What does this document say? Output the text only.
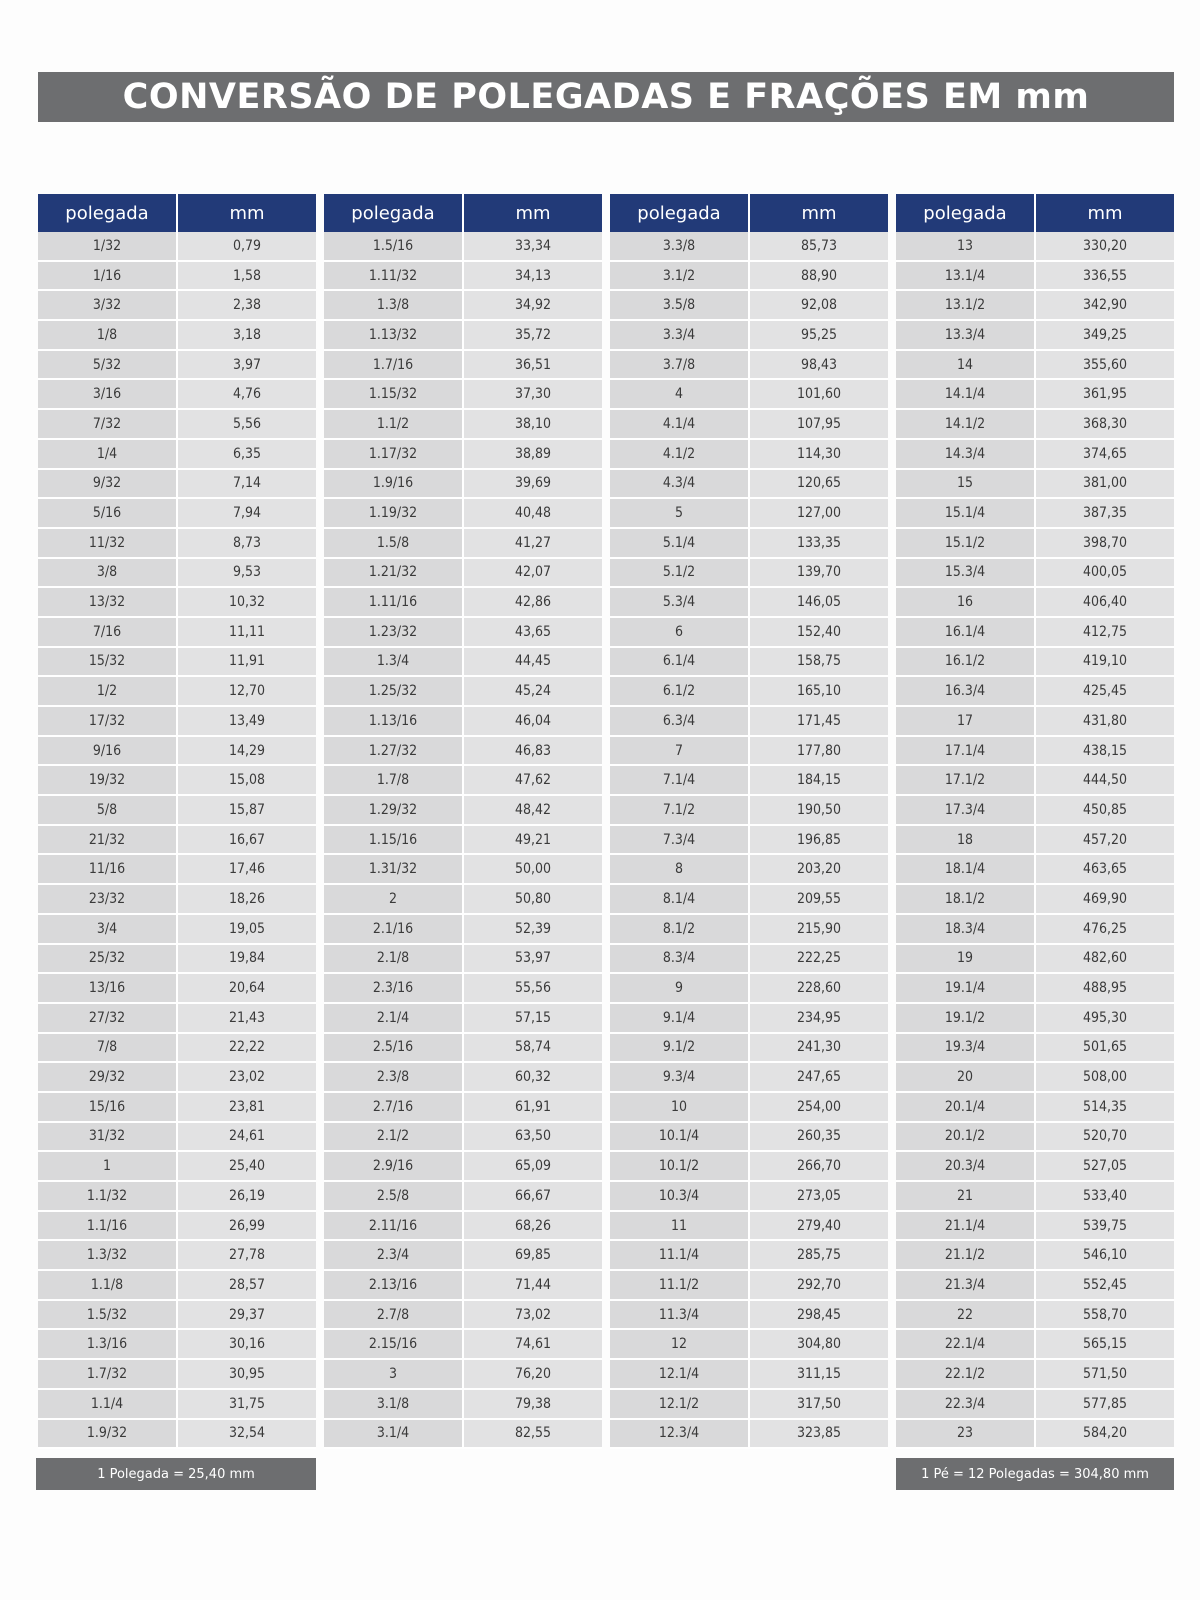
CONVERSÃO DE POLEGADAS E FRAÇÕES EM mm
polegada	mm
1/32	0,79
1/16	1,58
3/32	2,38
1/8	3,18
5/32	3,97
3/16	4,76
7/32	5,56
1/4	6,35
9/32	7,14
5/16	7,94
11/32	8,73
3/8	9,53
13/32	10,32
7/16	11,11
15/32	11,91
1/2	12,70
17/32	13,49
9/16	14,29
19/32	15,08
5/8	15,87
21/32	16,67
11/16	17,46
23/32	18,26
3/4	19,05
25/32	19,84
13/16	20,64
27/32	21,43
7/8	22,22
29/32	23,02
15/16	23,81
31/32	24,61
1	25,40
1.1/32	26,19
1.1/16	26,99
1.3/32	27,78
1.1/8	28,57
1.5/32	29,37
1.3/16	30,16
1.7/32	30,95
1.1/4	31,75
1.9/32	32,54
polegada	mm
1.5/16	33,34
1.11/32	34,13
1.3/8	34,92
1.13/32	35,72
1.7/16	36,51
1.15/32	37,30
1.1/2	38,10
1.17/32	38,89
1.9/16	39,69
1.19/32	40,48
1.5/8	41,27
1.21/32	42,07
1.11/16	42,86
1.23/32	43,65
1.3/4	44,45
1.25/32	45,24
1.13/16	46,04
1.27/32	46,83
1.7/8	47,62
1.29/32	48,42
1.15/16	49,21
1.31/32	50,00
2	50,80
2.1/16	52,39
2.1/8	53,97
2.3/16	55,56
2.1/4	57,15
2.5/16	58,74
2.3/8	60,32
2.7/16	61,91
2.1/2	63,50
2.9/16	65,09
2.5/8	66,67
2.11/16	68,26
2.3/4	69,85
2.13/16	71,44
2.7/8	73,02
2.15/16	74,61
3	76,20
3.1/8	79,38
3.1/4	82,55
polegada	mm
3.3/8	85,73
3.1/2	88,90
3.5/8	92,08
3.3/4	95,25
3.7/8	98,43
4	101,60
4.1/4	107,95
4.1/2	114,30
4.3/4	120,65
5	127,00
5.1/4	133,35
5.1/2	139,70
5.3/4	146,05
6	152,40
6.1/4	158,75
6.1/2	165,10
6.3/4	171,45
7	177,80
7.1/4	184,15
7.1/2	190,50
7.3/4	196,85
8	203,20
8.1/4	209,55
8.1/2	215,90
8.3/4	222,25
9	228,60
9.1/4	234,95
9.1/2	241,30
9.3/4	247,65
10	254,00
10.1/4	260,35
10.1/2	266,70
10.3/4	273,05
11	279,40
11.1/4	285,75
11.1/2	292,70
11.3/4	298,45
12	304,80
12.1/4	311,15
12.1/2	317,50
12.3/4	323,85
polegada	mm
13	330,20
13.1/4	336,55
13.1/2	342,90
13.3/4	349,25
14	355,60
14.1/4	361,95
14.1/2	368,30
14.3/4	374,65
15	381,00
15.1/4	387,35
15.1/2	398,70
15.3/4	400,05
16	406,40
16.1/4	412,75
16.1/2	419,10
16.3/4	425,45
17	431,80
17.1/4	438,15
17.1/2	444,50
17.3/4	450,85
18	457,20
18.1/4	463,65
18.1/2	469,90
18.3/4	476,25
19	482,60
19.1/4	488,95
19.1/2	495,30
19.3/4	501,65
20	508,00
20.1/4	514,35
20.1/2	520,70
20.3/4	527,05
21	533,40
21.1/4	539,75
21.1/2	546,10
21.3/4	552,45
22	558,70
22.1/4	565,15
22.1/2	571,50
22.3/4	577,85
23	584,20
1 Polegada = 25,40 mm	1 Pé = 12 Polegadas = 304,80 mm
